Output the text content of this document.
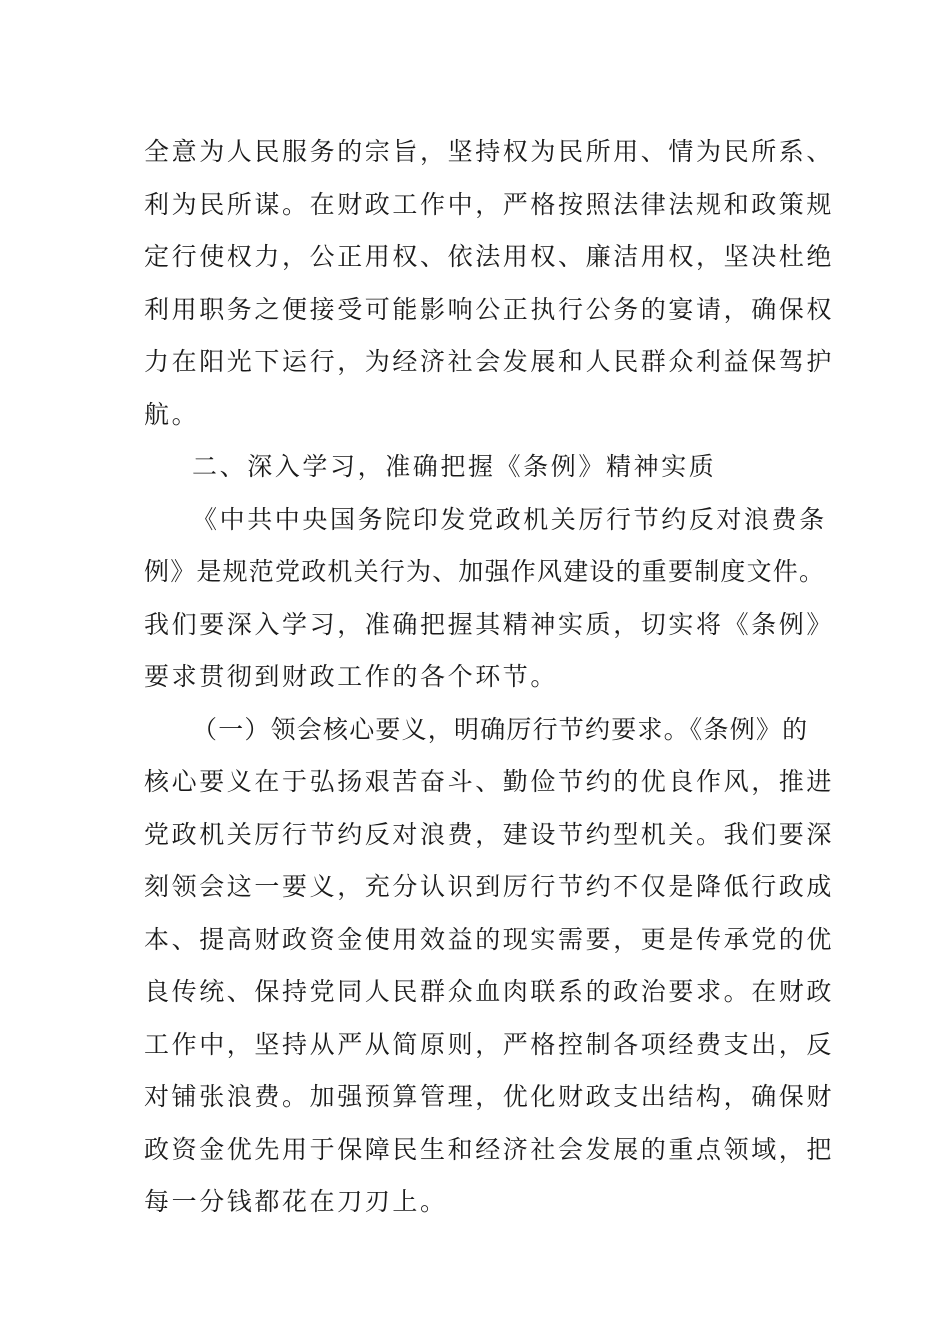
全意为人民服务的宗旨，坚持权为民所用、情为民所系、
利为民所谋。在财政工作中，严格按照法律法规和政策规
定行使权力，公正用权、依法用权、廉洁用权，坚决杜绝
利用职务之便接受可能影响公正执行公务的宴请，确保权
力在阳光下运行，为经济社会发展和人民群众利益保驾护
航。
二、深入学习，准确把握《条例》精神实质
《中共中央国务院印发党政机关厉行节约反对浪费条
例》是规范党政机关行为、加强作风建设的重要制度文件。
我们要深入学习，准确把握其精神实质，切实将《条例》
要求贯彻到财政工作的各个环节。
（一）领会核心要义，明确厉行节约要求。《条例》的
核心要义在于弘扬艰苦奋斗、勤俭节约的优良作风，推进
党政机关厉行节约反对浪费，建设节约型机关。我们要深
刻领会这一要义，充分认识到厉行节约不仅是降低行政成
本、提高财政资金使用效益的现实需要，更是传承党的优
良传统、保持党同人民群众血肉联系的政治要求。在财政
工作中，坚持从严从简原则，严格控制各项经费支出，反
对铺张浪费。加强预算管理，优化财政支出结构，确保财
政资金优先用于保障民生和经济社会发展的重点领域，把
每一分钱都花在刀刃上。
